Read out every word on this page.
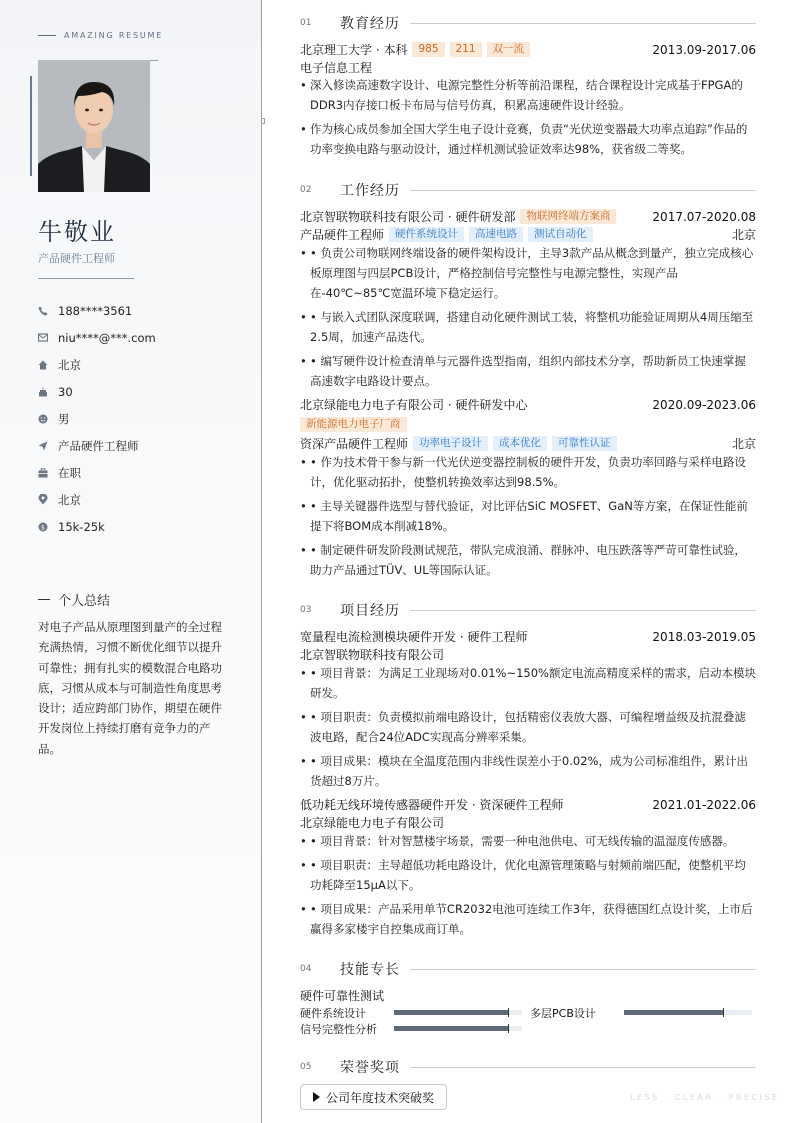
AMAZING RESUME
牛敬业
产品硬件工程师
188****3561
niu****@***.com
北京
30
男
产品硬件工程师
在职
北京
$ 15k-25k
个人总结
对电子产品从原理图到量产的全过程充满热情，习惯不断优化细节以提升可靠性；拥有扎实的模数混合电路功底，习惯从成本与可制造性角度思考设计；适应跨部门协作，期望在硬件开发岗位上持续打磨有竞争力的产品。
01	教育经历
北京理工大学 · 本科	985	211	双一流	2013.09-2017.06
电子信息工程
• 深入修读高速数字设计、电源完整性分析等前沿课程，结合课程设计完成基于FPGA的DDR3内存接口板卡布局与信号仿真，积累高速硬件设计经验。
• 作为核心成员参加全国大学生电子设计竞赛，负责“光伏逆变器最大功率点追踪”作品的功率变换电路与驱动设计，通过样机测试验证效率达98%，获省级二等奖。
02	工作经历
北京智联物联科技有限公司 · 硬件研发部	物联网终端方案商	2017.07-2020.08
产品硬件工程师	硬件系统设计	高速电路	测试自动化	北京
• • 负责公司物联网终端设备的硬件架构设计，主导3款产品从概念到量产，独立完成核心板原理图与四层PCB设计，严格控制信号完整性与电源完整性，实现产品在-40℃~85℃宽温环境下稳定运行。
• • 与嵌入式团队深度联调，搭建自动化硬件测试工装，将整机功能验证周期从4周压缩至2.5周，加速产品迭代。
• • 编写硬件设计检查清单与元器件选型指南，组织内部技术分享，帮助新员工快速掌握高速数字电路设计要点。
北京绿能电力电子有限公司 · 硬件研发中心	2020.09-2023.06
新能源电力电子厂商
资深产品硬件工程师	功率电子设计	成本优化	可靠性认证	北京
• • 作为技术骨干参与新一代光伏逆变器控制板的硬件开发，负责功率回路与采样电路设计，优化驱动拓扑，使整机转换效率达到98.5%。
• • 主导关键器件选型与替代验证，对比评估SiC MOSFET、GaN等方案，在保证性能前提下将BOM成本削减18%。
• • 制定硬件研发阶段测试规范，带队完成浪涌、群脉冲、电压跌落等严苛可靠性试验，助力产品通过TÜV、UL等国际认证。
03	项目经历
宽量程电流检测模块硬件开发 · 硬件工程师	2018.03-2019.05
北京智联物联科技有限公司
• • 项目背景：为满足工业现场对0.01%~150%额定电流高精度采样的需求，启动本模块研发。
• • 项目职责：负责模拟前端电路设计，包括精密仪表放大器、可编程增益级及抗混叠滤波电路，配合24位ADC实现高分辨率采集。
• • 项目成果：模块在全温度范围内非线性误差小于0.02%，成为公司标准组件，累计出货超过8万片。
低功耗无线环境传感器硬件开发 · 资深硬件工程师	2021.01-2022.06
北京绿能电力电子有限公司
• • 项目背景：针对智慧楼宇场景，需要一种电池供电、可无线传输的温湿度传感器。
• • 项目职责：主导超低功耗电路设计，优化电源管理策略与射频前端匹配，使整机平均功耗降至15μA以下。
• • 项目成果：产品采用单节CR2032电池可连续工作3年，获得德国红点设计奖，上市后赢得多家楼宇自控集成商订单。
04	技能专长
硬件可靠性测试
硬件系统设计	多层PCB设计
信号完整性分析
05	荣誉奖项
公司年度技术突破奖	LESS · CLEAR · PRECISE
